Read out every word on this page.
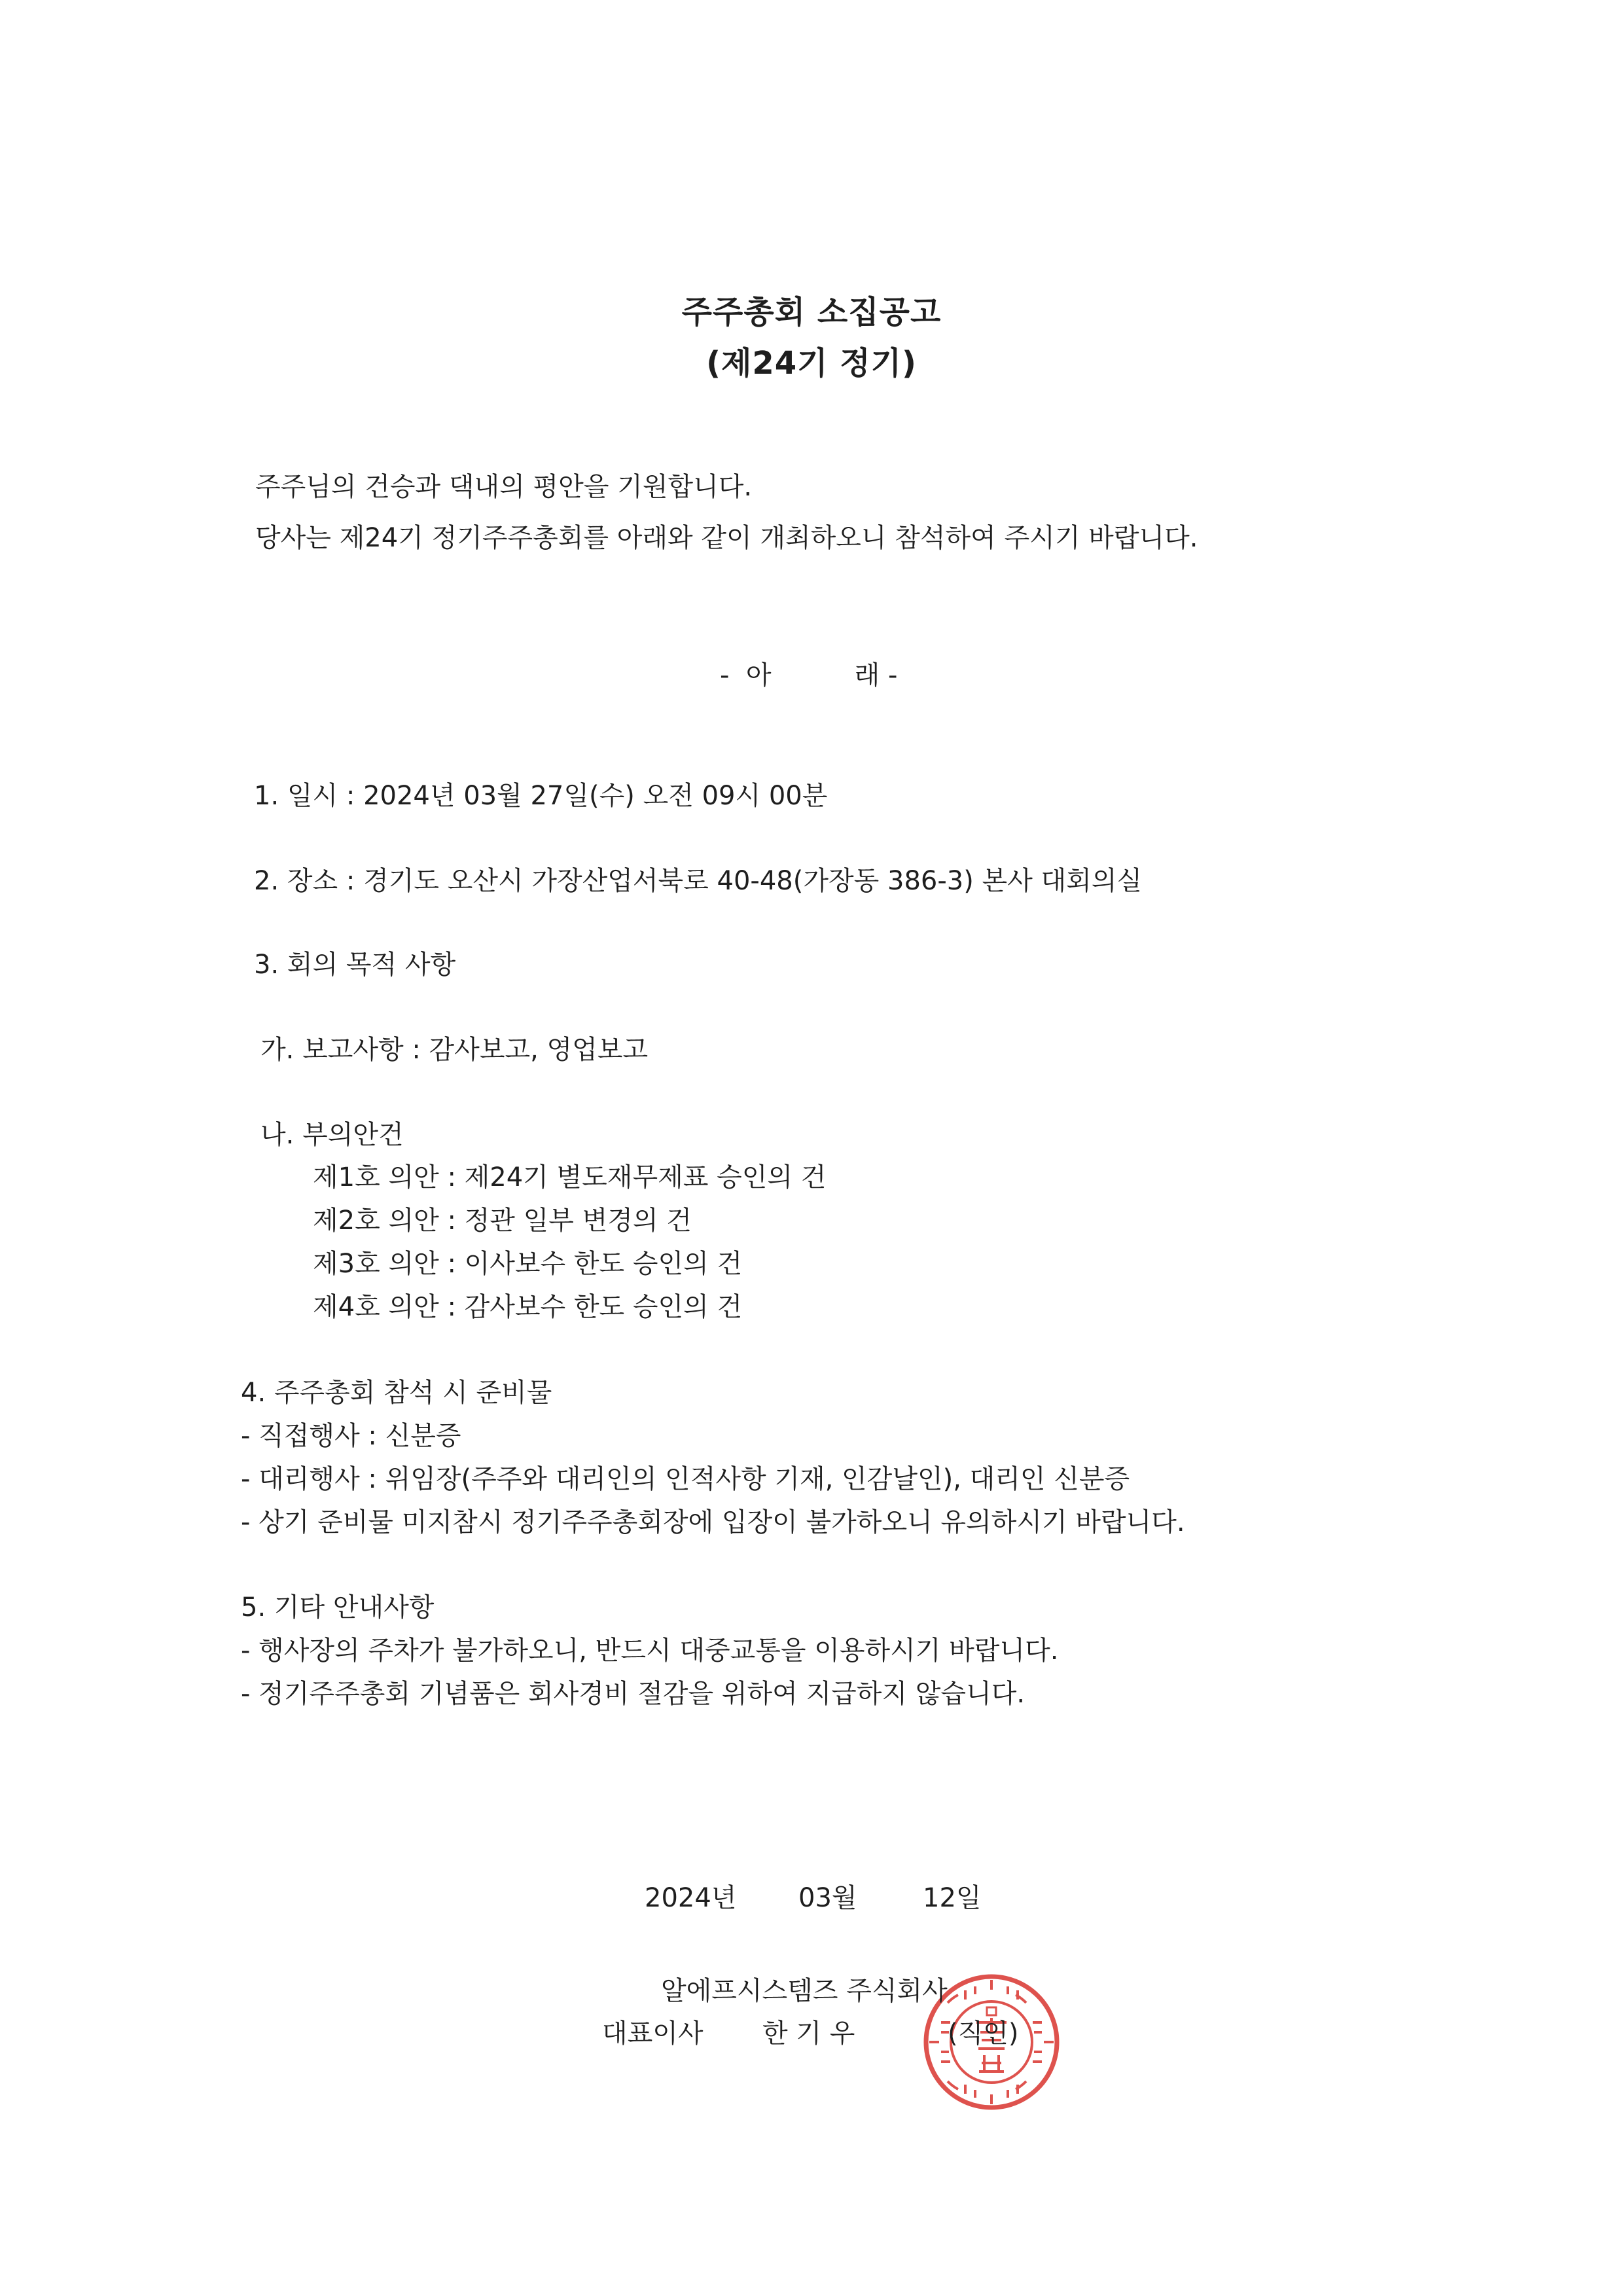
주주총회 소집공고
(제24기 정기)
주주님의 건승과 댁내의 평안을 기원합니다.
당사는 제24기 정기주주총회를 아래와 같이 개최하오니 참석하여 주시기 바랍니다.
-  아          래 -
1. 일시 : 2024년 03월 27일(수) 오전 09시 00분
2. 장소 : 경기도 오산시 가장산업서북로 40-48(가장동 386-3) 본사 대회의실
3. 회의 목적 사항
가. 보고사항 : 감사보고, 영업보고
나. 부의안건
제1호 의안 : 제24기 별도재무제표 승인의 건
제2호 의안 : 정관 일부 변경의 건
제3호 의안 : 이사보수 한도 승인의 건
제4호 의안 : 감사보수 한도 승인의 건
4. 주주총회 참석 시 준비물
- 직접행사 : 신분증
- 대리행사 : 위임장(주주와 대리인의 인적사항 기재, 인감날인), 대리인 신분증
- 상기 준비물 미지참시 정기주주총회장에 입장이 불가하오니 유의하시기 바랍니다.
5. 기타 안내사항
- 행사장의 주차가 불가하오니, 반드시 대중교통을 이용하시기 바랍니다.
- 정기주주총회 기념품은 회사경비 절감을 위하여 지급하지 않습니다.
2024년 03월	12일
알에프시스템즈 주식회사
대표이사 한 기 우	(직인)
